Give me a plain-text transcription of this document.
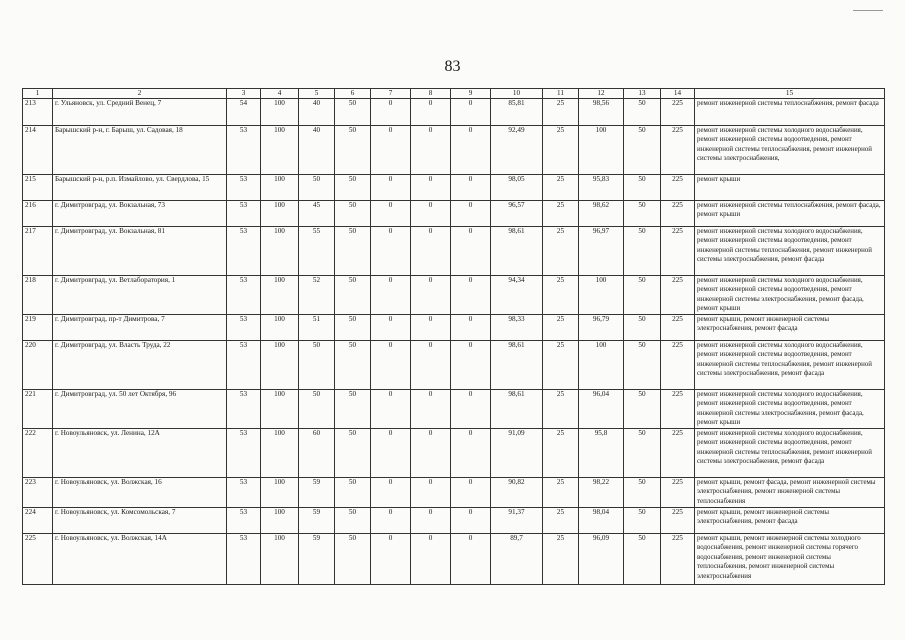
83
1	2	3	4	5	6	7	8	9	10	11	12	13	14	15
213	г. Ульяновск, ул. Средний Венец, 7	54	100	40	50	0	0	0	85,81	25	98,56	50	225	ремонт инженерной системы теплоснабжения, ремонт фасада
214	Барышский р-н, г. Барыш, ул. Садовая, 18	53	100	40	50	0	0	0	92,49	25	100	50	225	ремонт инженерной системы холодного водоснабжения, ремонт инженерной системы водоотведения, ремонт инженерной системы теплоснабжения, ремонт инженерной системы электроснабжения,
215	Барышский р-н, р.п. Измайлово, ул. Свердлова, 15	53	100	50	50	0	0	0	98,05	25	95,83	50	225	ремонт крыши
216	г. Димитровград, ул. Вокзальная, 73	53	100	45	50	0	0	0	96,57	25	98,62	50	225	ремонт инженерной системы теплоснабжения, ремонт фасада, ремонт крыши
217	г. Димитровград, ул. Вокзальная, 81	53	100	55	50	0	0	0	98,61	25	96,97	50	225	ремонт инженерной системы холодного водоснабжения, ремонт инженерной системы водоотведения, ремонт инженерной системы теплоснабжения, ремонт инженерной системы электроснабжения, ремонт фасада
218	г. Димитровград, ул. Ветлаборатория, 1	53	100	52	50	0	0	0	94,34	25	100	50	225	ремонт инженерной системы холодного водоснабжения, ремонт инженерной системы водоотведения, ремонт инженерной системы электроснабжения, ремонт фасада, ремонт крыши
219	г. Димитровград, пр-т Димитрова, 7	53	100	51	50	0	0	0	98,33	25	96,79	50	225	ремонт крыши, ремонт инженерной системы электроснабжения, ремонт фасада
220	г. Димитровград, ул. Власть Труда, 22	53	100	50	50	0	0	0	98,61	25	100	50	225	ремонт инженерной системы холодного водоснабжения, ремонт инженерной системы водоотведения, ремонт инженерной системы теплоснабжения, ремонт инженерной системы электроснабжения, ремонт фасада
221	г. Димитровград, ул. 50 лет Октября, 96	53	100	50	50	0	0	0	98,61	25	96,04	50	225	ремонт инженерной системы холодного водоснабжения, ремонт инженерной системы водоотведения, ремонт инженерной системы электроснабжения, ремонт фасада, ремонт крыши
222	г. Новоульяновск, ул. Ленина, 12А	53	100	60	50	0	0	0	91,09	25	95,8	50	225	ремонт инженерной системы холодного водоснабжения, ремонт инженерной системы водоотведения, ремонт инженерной системы теплоснабжения, ремонт инженерной системы электроснабжения, ремонт фасада
223	г. Новоульяновск, ул. Волжская, 16	53	100	59	50	0	0	0	90,82	25	98,22	50	225	ремонт крыши, ремонт фасада, ремонт инженерной системы электроснабжения, ремонт инженерной системы теплоснабжения
224	г. Новоульяновск, ул. Комсомольская, 7	53	100	59	50	0	0	0	91,37	25	98,04	50	225	ремонт крыши, ремонт инженерной системы электроснабжения, ремонт фасада
225	г. Новоульяновск, ул. Волжская, 14А	53	100	59	50	0	0	0	89,7	25	96,09	50	225	ремонт крыши, ремонт инженерной системы холодного водоснабжения, ремонт инженерной системы горячего водоснабжения, ремонт инженерной системы теплоснабжения, ремонт инженерной системы электроснабжения
